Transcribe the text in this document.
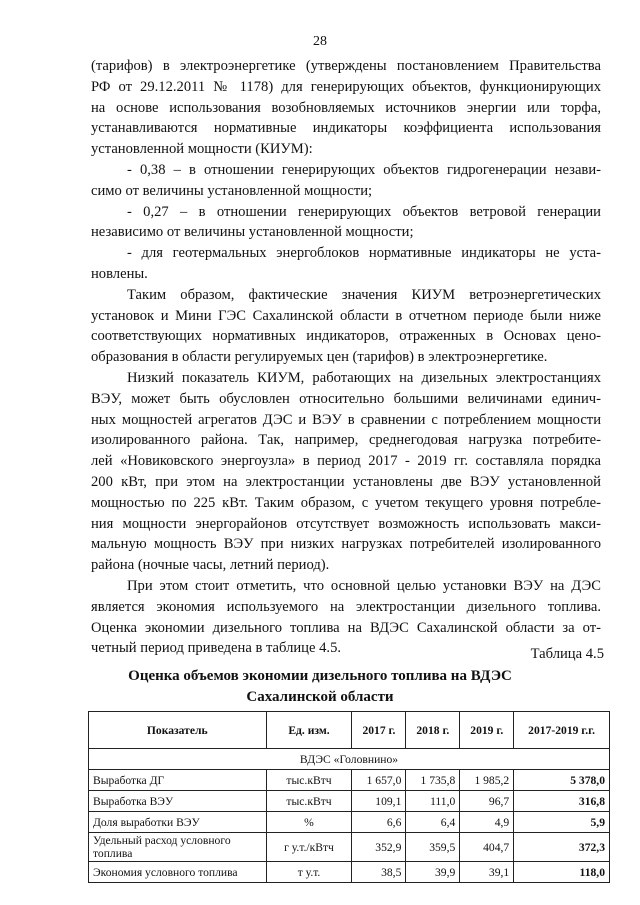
28
(тарифов) в электроэнергетике (утверждены постановлением Правительства
РФ от 29.12.2011 № 1178) для генерирующих объектов, функционирующих
на основе использования возобновляемых источников энергии или торфа,
устанавливаются нормативные индикаторы коэффициента использования
установленной мощности (КИУМ):
- 0,38 – в отношении генерирующих объектов гидрогенерации незави-
симо от величины установленной мощности;
- 0,27 – в отношении генерирующих объектов ветровой генерации
независимо от величины установленной мощности;
- для геотермальных энергоблоков нормативные индикаторы не уста-
новлены.
Таким образом, фактические значения КИУМ ветроэнергетических
установок и Мини ГЭС Сахалинской области в отчетном периоде были ниже
соответствующих нормативных индикаторов, отраженных в Основах цено-
образования в области регулируемых цен (тарифов) в электроэнергетике.
Низкий показатель КИУМ, работающих на дизельных электростанциях
ВЭУ, может быть обусловлен относительно большими величинами единич-
ных мощностей агрегатов ДЭС и ВЭУ в сравнении с потреблением мощности
изолированного района. Так, например, среднегодовая нагрузка потребите-
лей «Новиковского энергоузла» в период 2017 - 2019 гг. составляла порядка
200 кВт, при этом на электростанции установлены две ВЭУ установленной
мощностью по 225 кВт. Таким образом, с учетом текущего уровня потребле-
ния мощности энергорайонов отсутствует возможность использовать макси-
мальную мощность ВЭУ при низких нагрузках потребителей изолированного
района (ночные часы, летний период).
При этом стоит отметить, что основной целью установки ВЭУ на ДЭС
является экономия используемого на электростанции дизельного топлива.
Оценка экономии дизельного топлива на ВДЭС Сахалинской области за от-
четный период приведена в таблице 4.5.	Таблица 4.5
Оценка объемов экономии дизельного топлива на ВДЭС
Сахалинской области
Показатель	Ед. изм.	2017 г.	2018 г.	2019 г.	2017-2019 г.г.
ВДЭС «Головнино»					
Выработка ДГ	тыс.кВтч	1 657,0	1 735,8	1 985,2	5 378,0
Выработка ВЭУ	тыс.кВтч	109,1	111,0	96,7	316,8
Доля выработки ВЭУ	%	6,6	6,4	4,9	5,9
Удельный расход условного топлива	г у.т./кВтч	352,9	359,5	404,7	372,3
Экономия условного топлива	т у.т.	38,5	39,9	39,1	118,0
